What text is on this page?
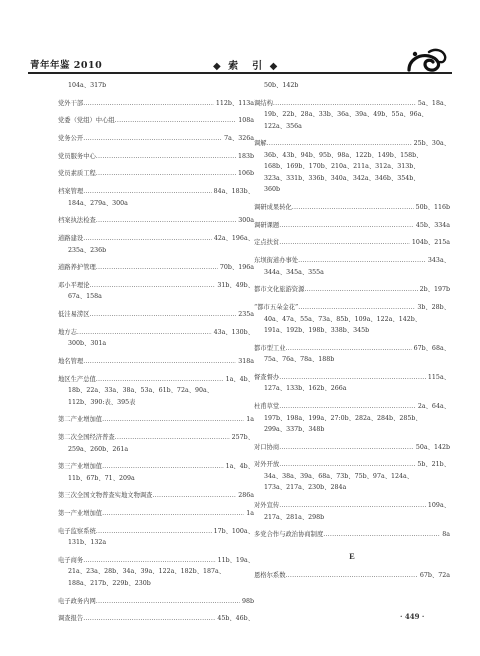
青年年鉴 2010	◆ 索　引 ◆
104a、317b
党外干部 .....	112b、113a
党委（党组）中心组 .....	108a
党务公开 .....	7a、326a
党员服务中心 .....	183b
党员素质工程 .....	106b
档案管理 .....	84a、183b、
184a、279a、300a
档案执法检查 .....	300a
道路建设 .....	42a、196a、
235a、236b
道路养护管理 .....	70b、196a
邓小平理论 .....	31b、49b、
67a、158a
低洼易涝区 .....	235a
地方志 .....	43a、130b、
300b、301a
地名管理 .....	318a
地区生产总值 .....	1a、4b、
18b、22a、33a、38a、53a、61b、72a、90a、
112b、390:表、395表
第二产业增加值 .....	1a
第二次全国经济普查 .....	257b、
259a、260b、261a
第三产业增加值 .....	1a、4b、
11b、67b、71、209a
第三次全国文物普查实地文物调查 .....	286a
第一产业增加值 .....	1a
电子监察系统 .....	17b、100a、
131b、132a
电子商务 .....	11b、19a、
21a、23a、28b、34a、39a、122a、182b、187a、
188a、217b、229b、230b
电子政务内网 .....	98b
调查报告 .....	45b、46b、
50b、142b
调结构 .....	5a、18a、
19b、22b、28a、33b、36a、39a、49b、55a、96a、
122a、356a
调解 .....	25b、30a、
36b、43b、94b、95b、98a、122b、149b、158b、
168b、169b、170b、210a、211a、312a、313b、
323a、331b、336b、340a、342a、346b、354b、
360b
调研成果转化 .....	50b、116b
调研课题 .....	45b、334a
定点扶贫 .....	104b、215a
东坝街道办事处 .....	343a、
344a、345a、355a
都市文化旅游资源 .....	2b、197b
“都市五朵金花” .....	3b、28b、
40a、47a、55a、73a、85b、109a、122a、142b、
191a、192b、198b、338b、345b
都市型工业 .....	67b、68a、
75a、76a、78a、188b
督查督办 .....	115a、
127a、133b、162b、266a
杜甫草堂 .....	2a、64a、
197b、198a、199a、27:0b、282a、284b、285b、
299a、337b、348b
对口协商 .....	50a、142b
对外开放 .....	5b、21b、
34a、38a、39a、68a、73b、75b、97a、124a、
173a、217a、230b、284a
对外宣传 .....	109a、
217a、281a、298b
多党合作与政治协商制度 .....	8a
E
恩格尔系数 .....	67b、72a
· 449 ·
